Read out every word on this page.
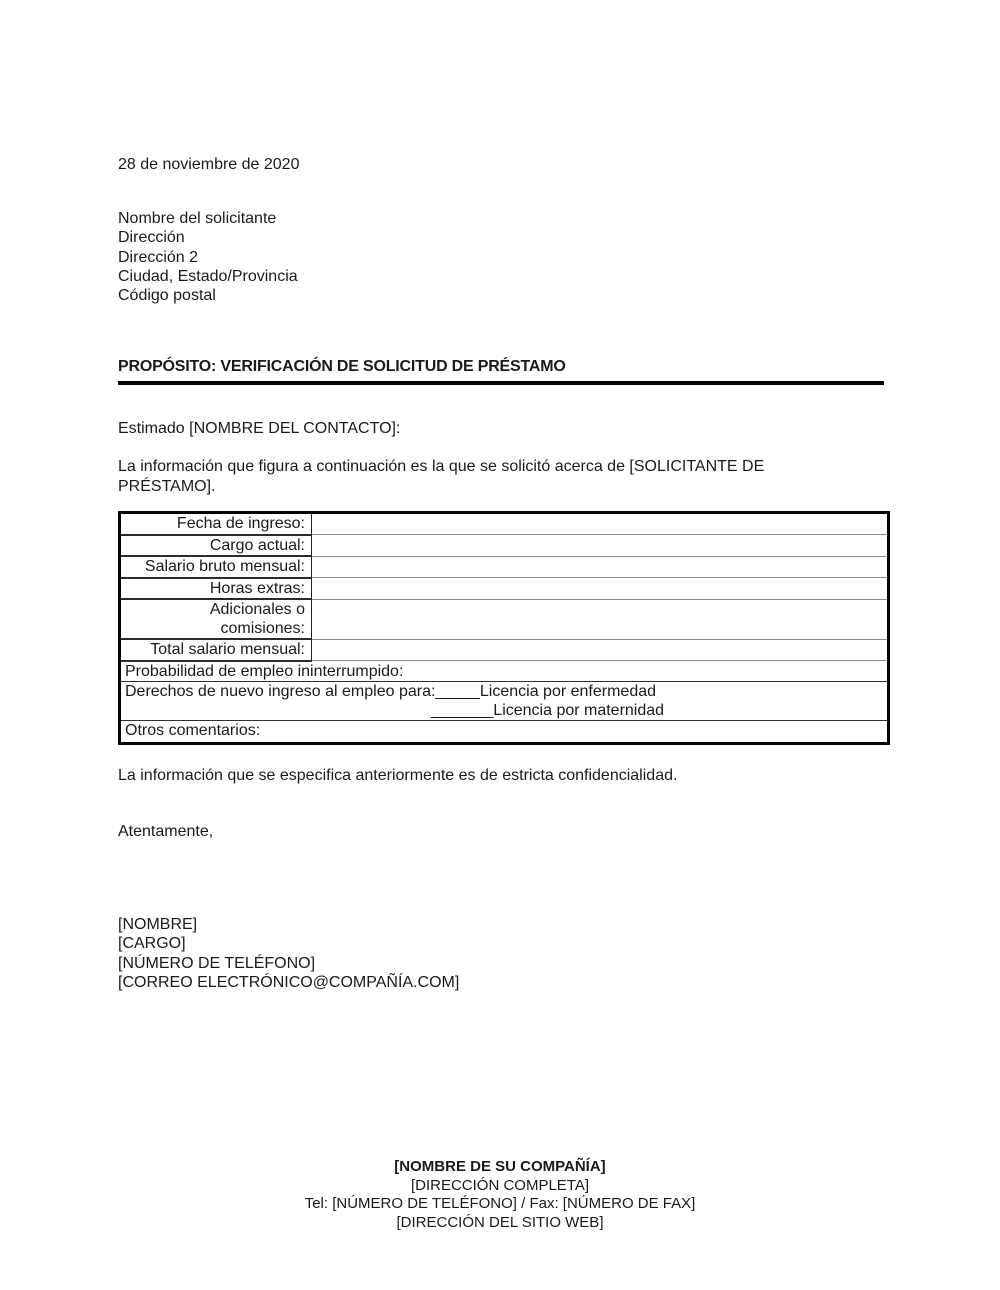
28 de noviembre de 2020
Nombre del solicitante
Dirección
Dirección 2
Ciudad, Estado/Provincia
Código postal
PROPÓSITO: VERIFICACIÓN DE SOLICITUD DE PRÉSTAMO
Estimado [NOMBRE DEL CONTACTO]:
La información que figura a continuación es la que se solicitó acerca de [SOLICITANTE DE PRÉSTAMO].
Fecha de ingreso:	
Cargo actual:	
Salario bruto mensual:	
Horas extras:	
Adicionales o comisiones:	
Total salario mensual:	
Probabilidad de empleo ininterrumpido:	

Derechos de nuevo ingreso al empleo para:_____Licencia por enfermedad
_______Licencia por maternidad	

Otros comentarios:	
La información que se especifica anteriormente es de estricta confidencialidad.
Atentamente,
[NOMBRE]
[CARGO]
[NÚMERO DE TELÉFONO]
[CORREO ELECTRÓNICO@COMPAÑÍA.COM]
[NOMBRE DE SU COMPAÑÍA]
[DIRECCIÓN COMPLETA]
Tel: [NÚMERO DE TELÉFONO] / Fax: [NÚMERO DE FAX]
[DIRECCIÓN DEL SITIO WEB]
